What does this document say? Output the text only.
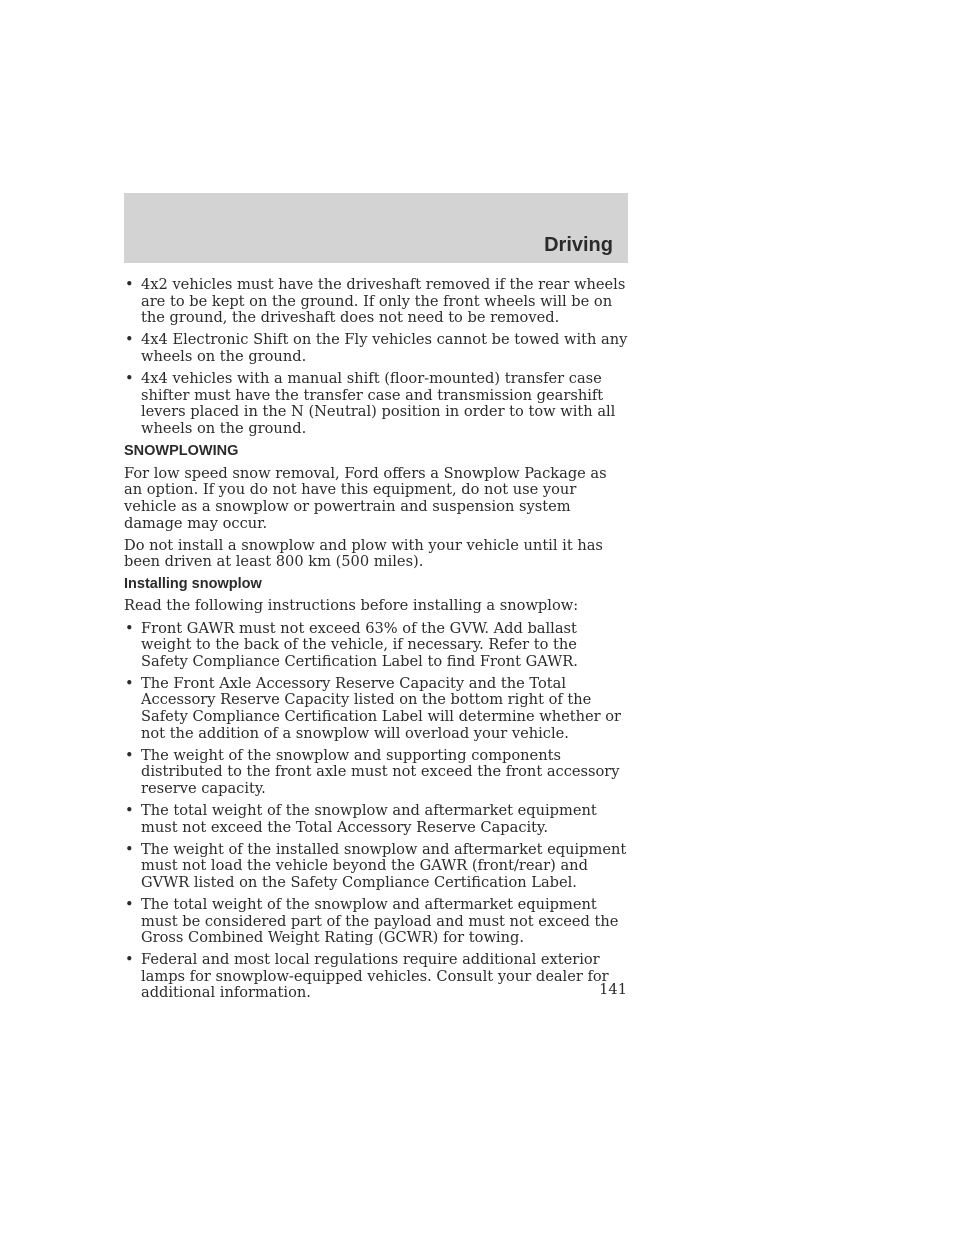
Driving
• 4x2 vehicles must have the driveshaft removed if the rear wheels are to be kept on the ground. If only the front wheels will be on the ground, the driveshaft does not need to be removed.
• 4x4 Electronic Shift on the Fly vehicles cannot be towed with any wheels on the ground.
• 4x4 vehicles with a manual shift (floor-mounted) transfer case shifter must have the transfer case and transmission gearshift levers placed in the N (Neutral) position in order to tow with all wheels on the ground.
SNOWPLOWING

For low speed snow removal, Ford offers a Snowplow Package as an option. If you do not have this equipment, do not use your vehicle as a snowplow or powertrain and suspension system damage may occur.

Do not install a snowplow and plow with your vehicle until it has been driven at least 800 km (500 miles).

Installing snowplow

Read the following instructions before installing a snowplow:

• Front GAWR must not exceed 63% of the GVW. Add ballast weight to the back of the vehicle, if necessary. Refer to the Safety Compliance Certification Label to find Front GAWR.
• The Front Axle Accessory Reserve Capacity and the Total Accessory Reserve Capacity listed on the bottom right of the Safety Compliance Certification Label will determine whether or not the addition of a snowplow will overload your vehicle.
• The weight of the snowplow and supporting components distributed to the front axle must not exceed the front accessory reserve capacity.
• The total weight of the snowplow and aftermarket equipment must not exceed the Total Accessory Reserve Capacity.
• The weight of the installed snowplow and aftermarket equipment must not load the vehicle beyond the GAWR (front/rear) and GVWR listed on the Safety Compliance Certification Label.
• The total weight of the snowplow and aftermarket equipment must be considered part of the payload and must not exceed the Gross Combined Weight Rating (GCWR) for towing.
• Federal and most local regulations require additional exterior lamps for snowplow-equipped vehicles. Consult your dealer for additional information.	141
